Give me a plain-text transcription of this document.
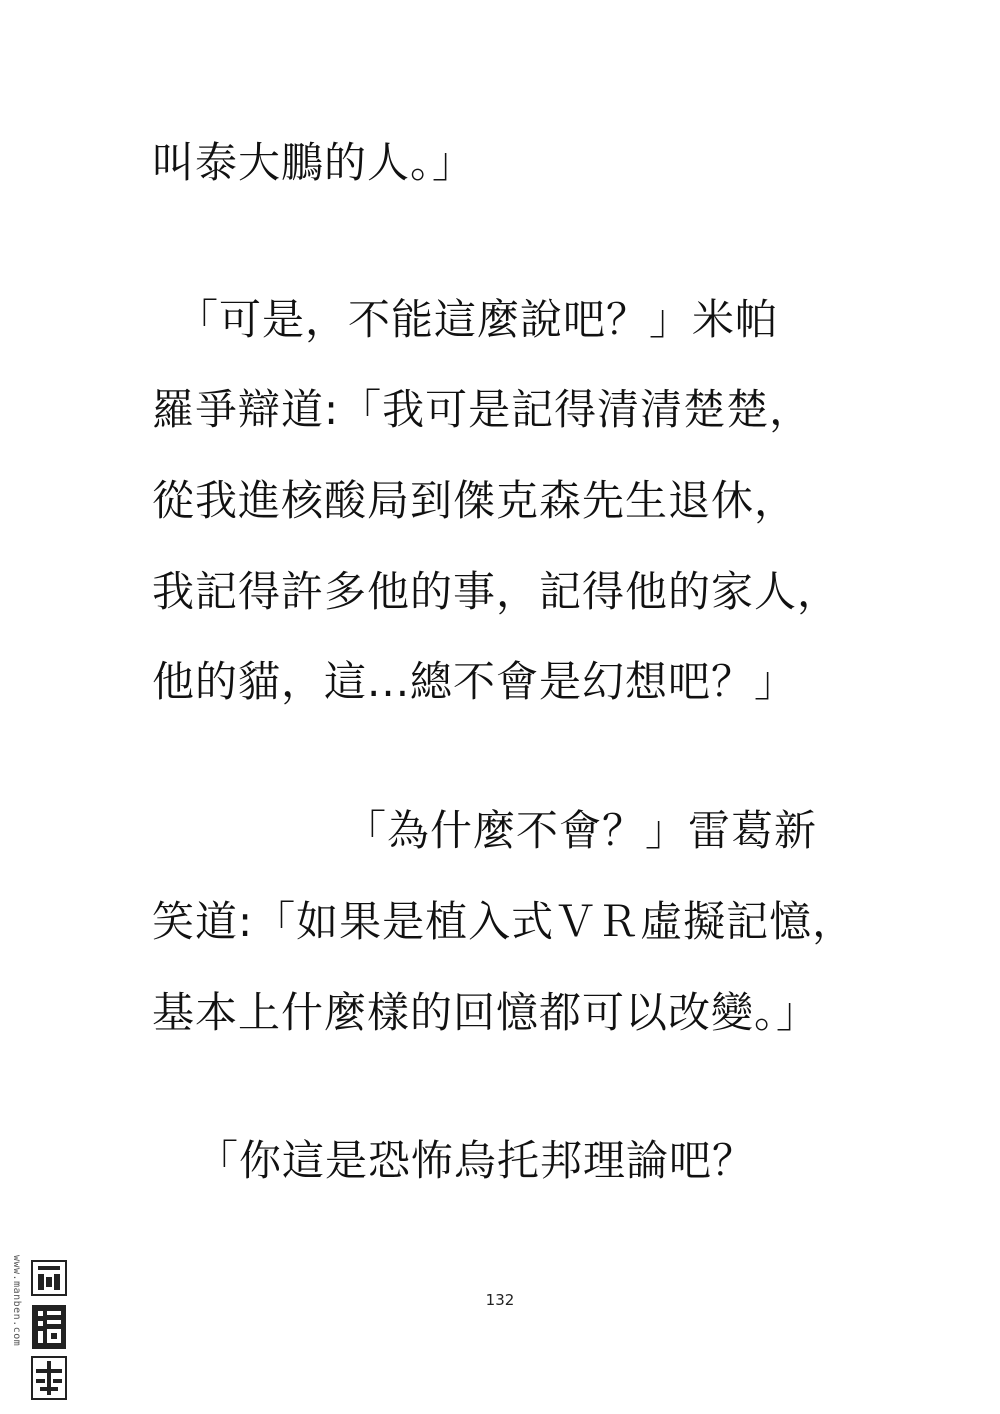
叫泰大鵬的人。」
「可是，不能這麼說吧？」米帕
羅爭辯道:「我可是記得清清楚楚，
從我進核酸局到傑克森先生退休，
我記得許多他的事，記得他的家人，
他的貓，這...總不會是幻想吧？」
「為什麼不會？」雷葛新
笑道:「如果是植入式ＶＲ虛擬記憶，
基本上什麼樣的回憶都可以改變。」
「你這是恐怖烏托邦理論吧？
132
www.manben.com
